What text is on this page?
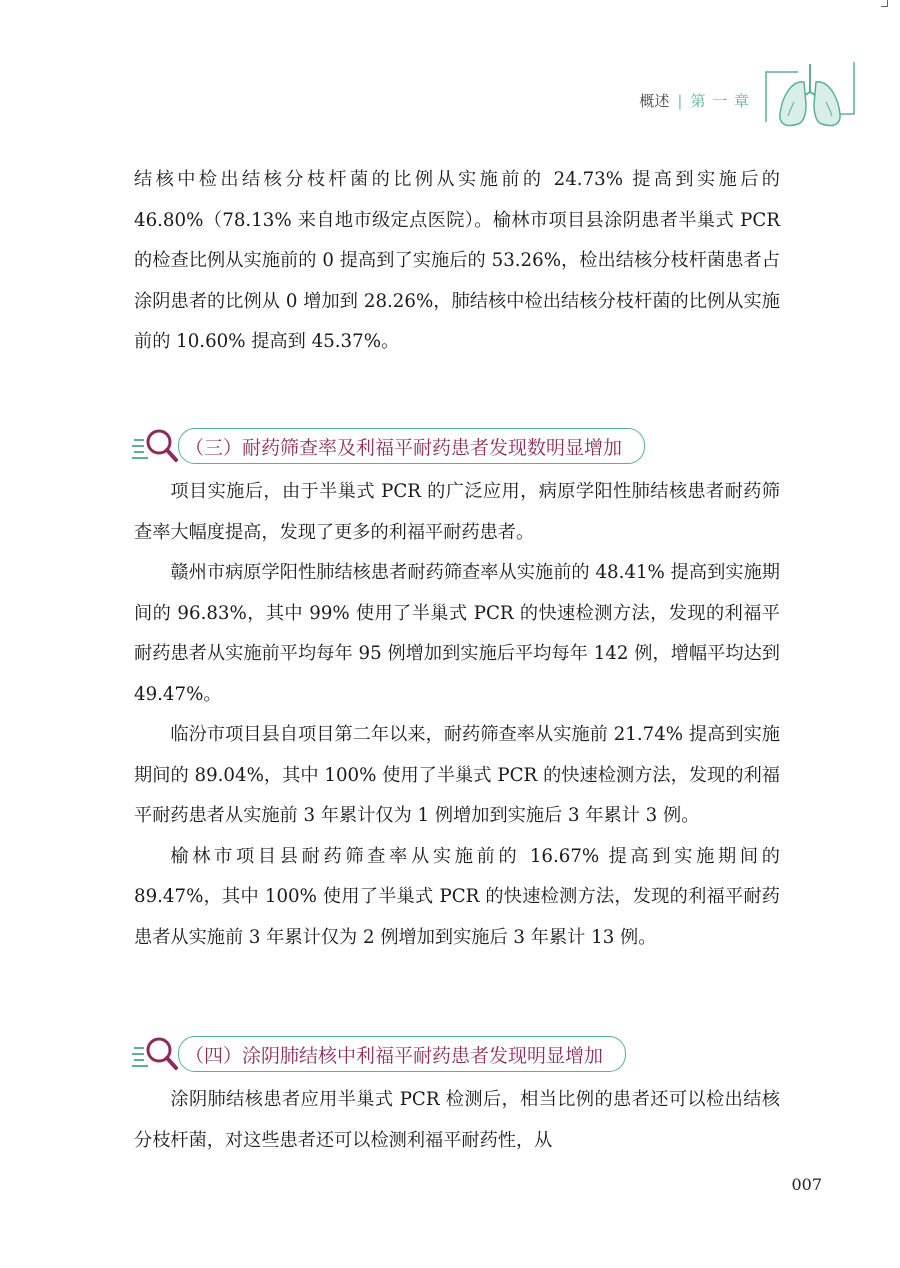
概述 | 第 一 章

结核中检出结核分枝杆菌的比例从实施前的 24.73% 提高到实施后的 46.80%（78.13% 来自地市级定点医院）。榆林市项目县涂阴患者半巢式 PCR 的检查比例从实施前的 0 提高到了实施后的 53.26%，检出结核分枝杆菌患者占涂阴患者的比例从 0 增加到 28.26%，肺结核中检出结核分枝杆菌的比例从实施前的 10.60% 提高到 45.37%。

（三）耐药筛查率及利福平耐药患者发现数明显增加

项目实施后，由于半巢式 PCR 的广泛应用，病原学阳性肺结核患者耐药筛查率大幅度提高，发现了更多的利福平耐药患者。

赣州市病原学阳性肺结核患者耐药筛查率从实施前的 48.41% 提高到实施期间的 96.83%，其中 99% 使用了半巢式 PCR 的快速检测方法，发现的利福平耐药患者从实施前平均每年 95 例增加到实施后平均每年 142 例，增幅平均达到 49.47%。

临汾市项目县自项目第二年以来，耐药筛查率从实施前 21.74% 提高到实施期间的 89.04%，其中 100% 使用了半巢式 PCR 的快速检测方法，发现的利福平耐药患者从实施前 3 年累计仅为 1 例增加到实施后 3 年累计 3 例。

榆林市项目县耐药筛查率从实施前的 16.67% 提高到实施期间的 89.47%，其中 100% 使用了半巢式 PCR 的快速检测方法，发现的利福平耐药患者从实施前 3 年累计仅为 2 例增加到实施后 3 年累计 13 例。

（四）涂阴肺结核中利福平耐药患者发现明显增加

涂阴肺结核患者应用半巢式 PCR 检测后，相当比例的患者还可以检出结核分枝杆菌，对这些患者还可以检测利福平耐药性，从

007
